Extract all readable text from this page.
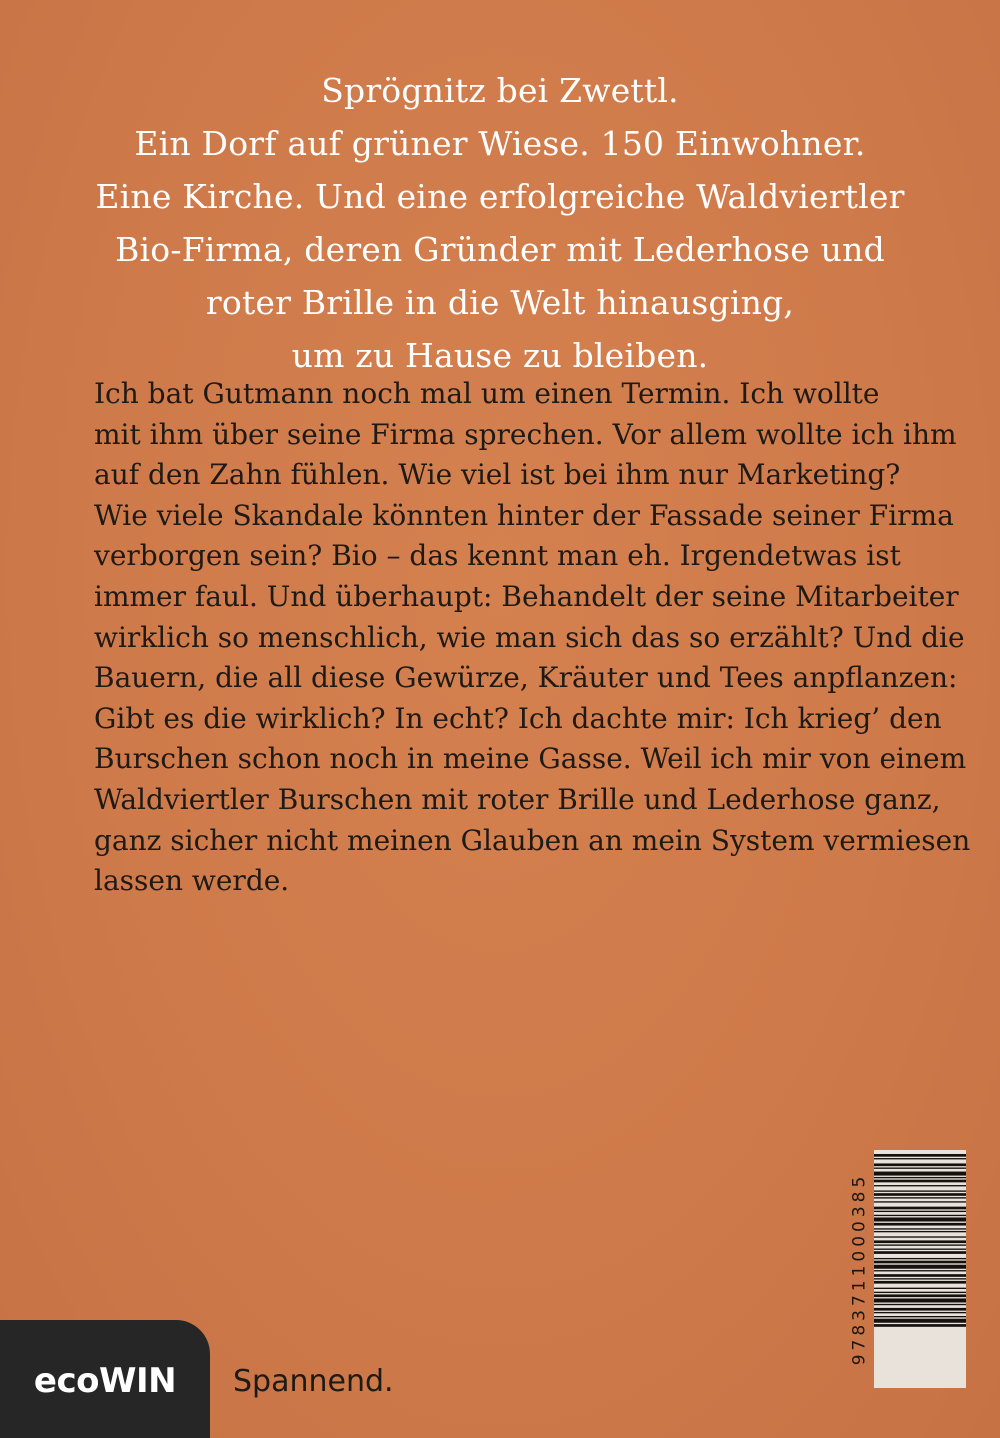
Sprögnitz bei Zwettl.
Ein Dorf auf grüner Wiese. 150 Einwohner.
Eine Kirche. Und eine erfolgreiche Waldviertler
Bio-Firma, deren Gründer mit Lederhose und
roter Brille in die Welt hinausging,
um zu Hause zu bleiben.
Ich bat Gutmann noch mal um einen Termin. Ich wollte
mit ihm über seine Firma sprechen. Vor allem wollte ich ihm
auf den Zahn fühlen. Wie viel ist bei ihm nur Marketing?
Wie viele Skandale könnten hinter der Fassade seiner Firma
verborgen sein? Bio – das kennt man eh. Irgendetwas ist
immer faul. Und überhaupt: Behandelt der seine Mitarbeiter
wirklich so menschlich, wie man sich das so erzählt? Und die
Bauern, die all diese Gewürze, Kräuter und Tees anpflanzen:
Gibt es die wirklich? In echt? Ich dachte mir: Ich krieg’ den
Burschen schon noch in meine Gasse. Weil ich mir von einem
Waldviertler Burschen mit roter Brille und Lederhose ganz,
ganz sicher nicht meinen Glauben an mein System vermiesen
lassen werde.
9783711000385
ecoWIN Spannend.
